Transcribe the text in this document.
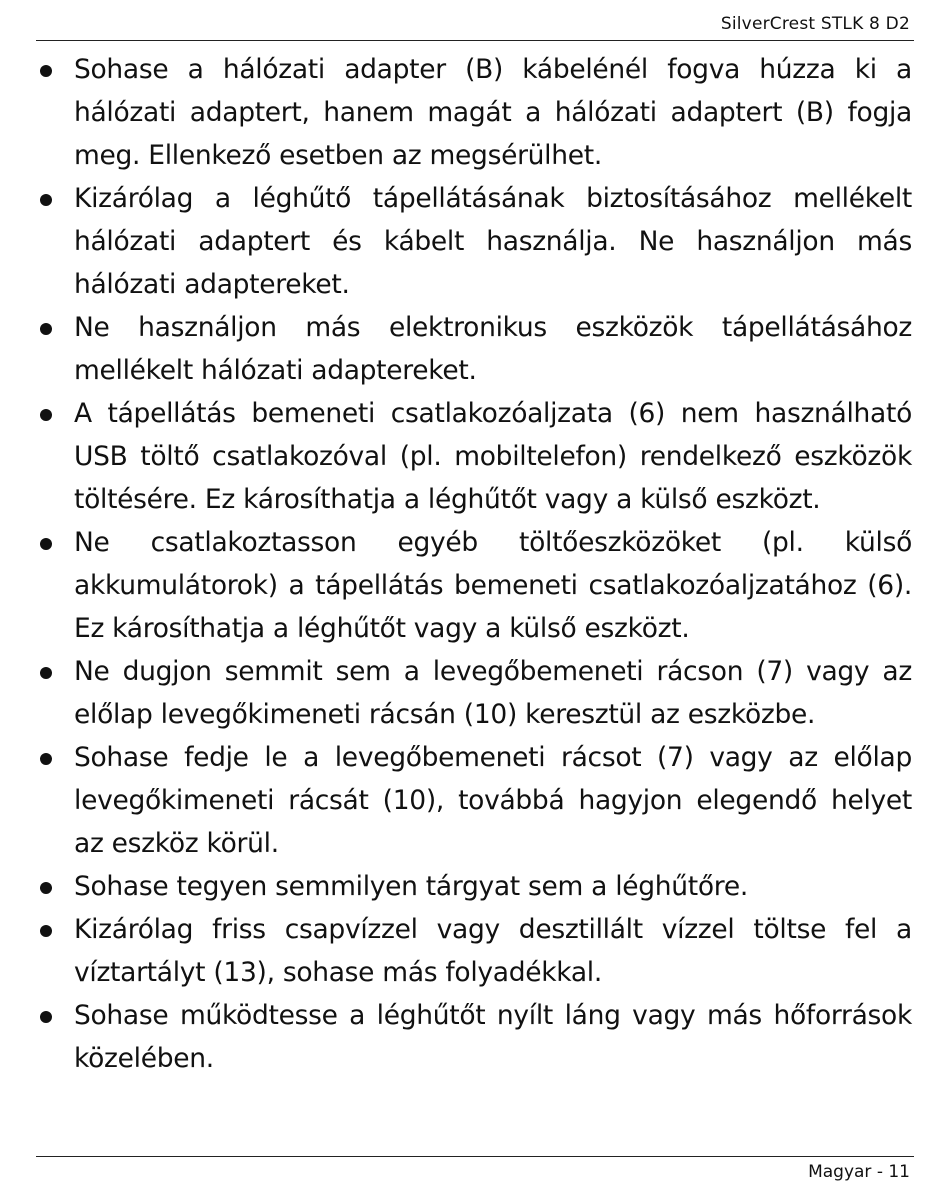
SilverCrest STLK 8 D2
Sohase a hálózati adapter (B) kábelénél fogva húzza ki a hálózati adaptert, hanem magát a hálózati adaptert (B) fogja meg. Ellenkező esetben az megsérülhet.
Kizárólag a léghűtő tápellátásának biztosításához mellékelt hálózati adaptert és kábelt használja. Ne használjon más hálózati adaptereket.
Ne használjon más elektronikus eszközök tápellátásához mellékelt hálózati adaptereket.
A tápellátás bemeneti csatlakozóaljzata (6) nem használható USB töltő csatlakozóval (pl. mobiltelefon) rendelkező eszközök töltésére. Ez károsíthatja a léghűtőt vagy a külső eszközt.
Ne csatlakoztasson egyéb töltőeszközöket (pl. külső akkumulátorok) a tápellátás bemeneti csatlakozóaljzatához (6). Ez károsíthatja a léghűtőt vagy a külső eszközt.
Ne dugjon semmit sem a levegőbemeneti rácson (7) vagy az előlap levegőkimeneti rácsán (10) keresztül az eszközbe.
Sohase fedje le a levegőbemeneti rácsot (7) vagy az előlap levegőkimeneti rácsát (10), továbbá hagyjon elegendő helyet az eszköz körül.
Sohase tegyen semmilyen tárgyat sem a léghűtőre.
Kizárólag friss csapvízzel vagy desztillált vízzel töltse fel a víztartályt (13), sohase más folyadékkal.
Sohase működtesse a léghűtőt nyílt láng vagy más hőforrások közelében.
Magyar - 11
